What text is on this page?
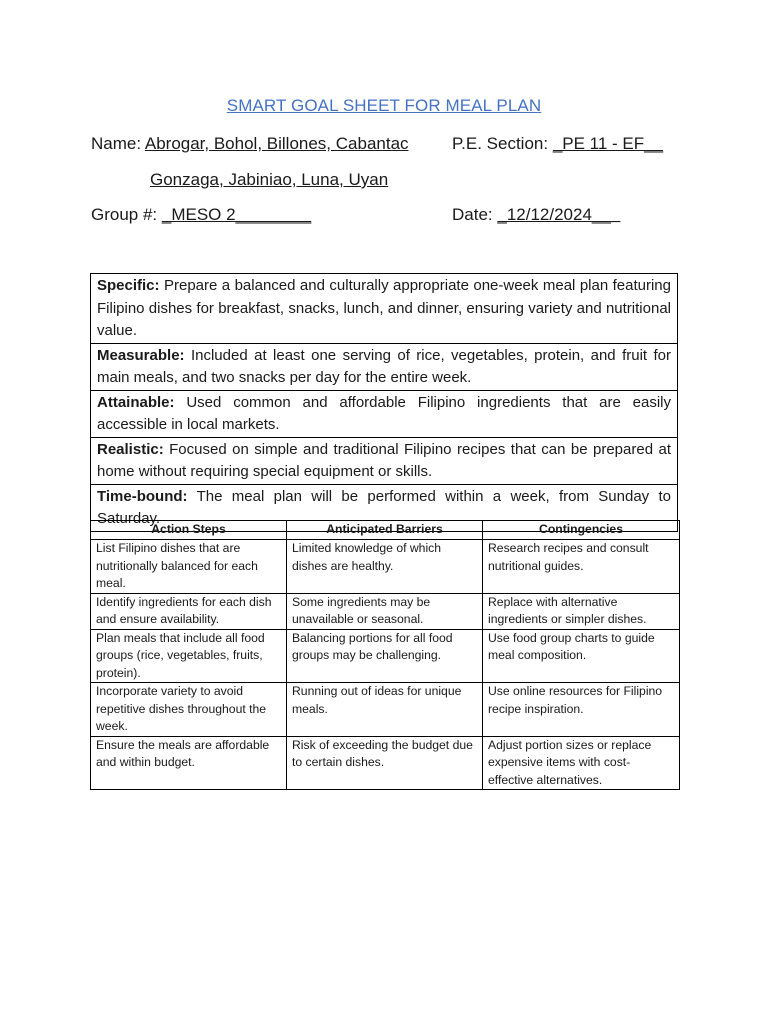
SMART GOAL SHEET FOR MEAL PLAN
Name: Abrogar, Bohol, Billones, Cabantac	P.E. Section: _PE 11 - EF__
Gonzaga, Jabiniao, Luna, Uyan
Group #: _MESO 2________	Date: _12/12/2024___
Specific: Prepare a balanced and culturally appropriate one-week meal plan featuring Filipino dishes for breakfast, snacks, lunch, and dinner, ensuring variety and nutritional value.
Measurable: Included at least one serving of rice, vegetables, protein, and fruit for main meals, and two snacks per day for the entire week.
Attainable: Used common and affordable Filipino ingredients that are easily accessible in local markets.
Realistic: Focused on simple and traditional Filipino recipes that can be prepared at home without requiring special equipment or skills.
Time-bound: The meal plan will be performed within a week, from Sunday to Saturday.
Action Steps	Anticipated Barriers	Contingencies
List Filipino dishes that are nutritionally balanced for each meal.	Limited knowledge of which dishes are healthy.	Research recipes and consult nutritional guides.
Identify ingredients for each dish and ensure availability.	Some ingredients may be unavailable or seasonal.	Replace with alternative ingredients or simpler dishes.
Plan meals that include all food groups (rice, vegetables, fruits, protein).	Balancing portions for all food groups may be challenging.	Use food group charts to guide meal composition.
Incorporate variety to avoid repetitive dishes throughout the week.	Running out of ideas for unique meals.	Use online resources for Filipino recipe inspiration.
Ensure the meals are affordable and within budget.	Risk of exceeding the budget due to certain dishes.	Adjust portion sizes or replace expensive items with cost-effective alternatives.
